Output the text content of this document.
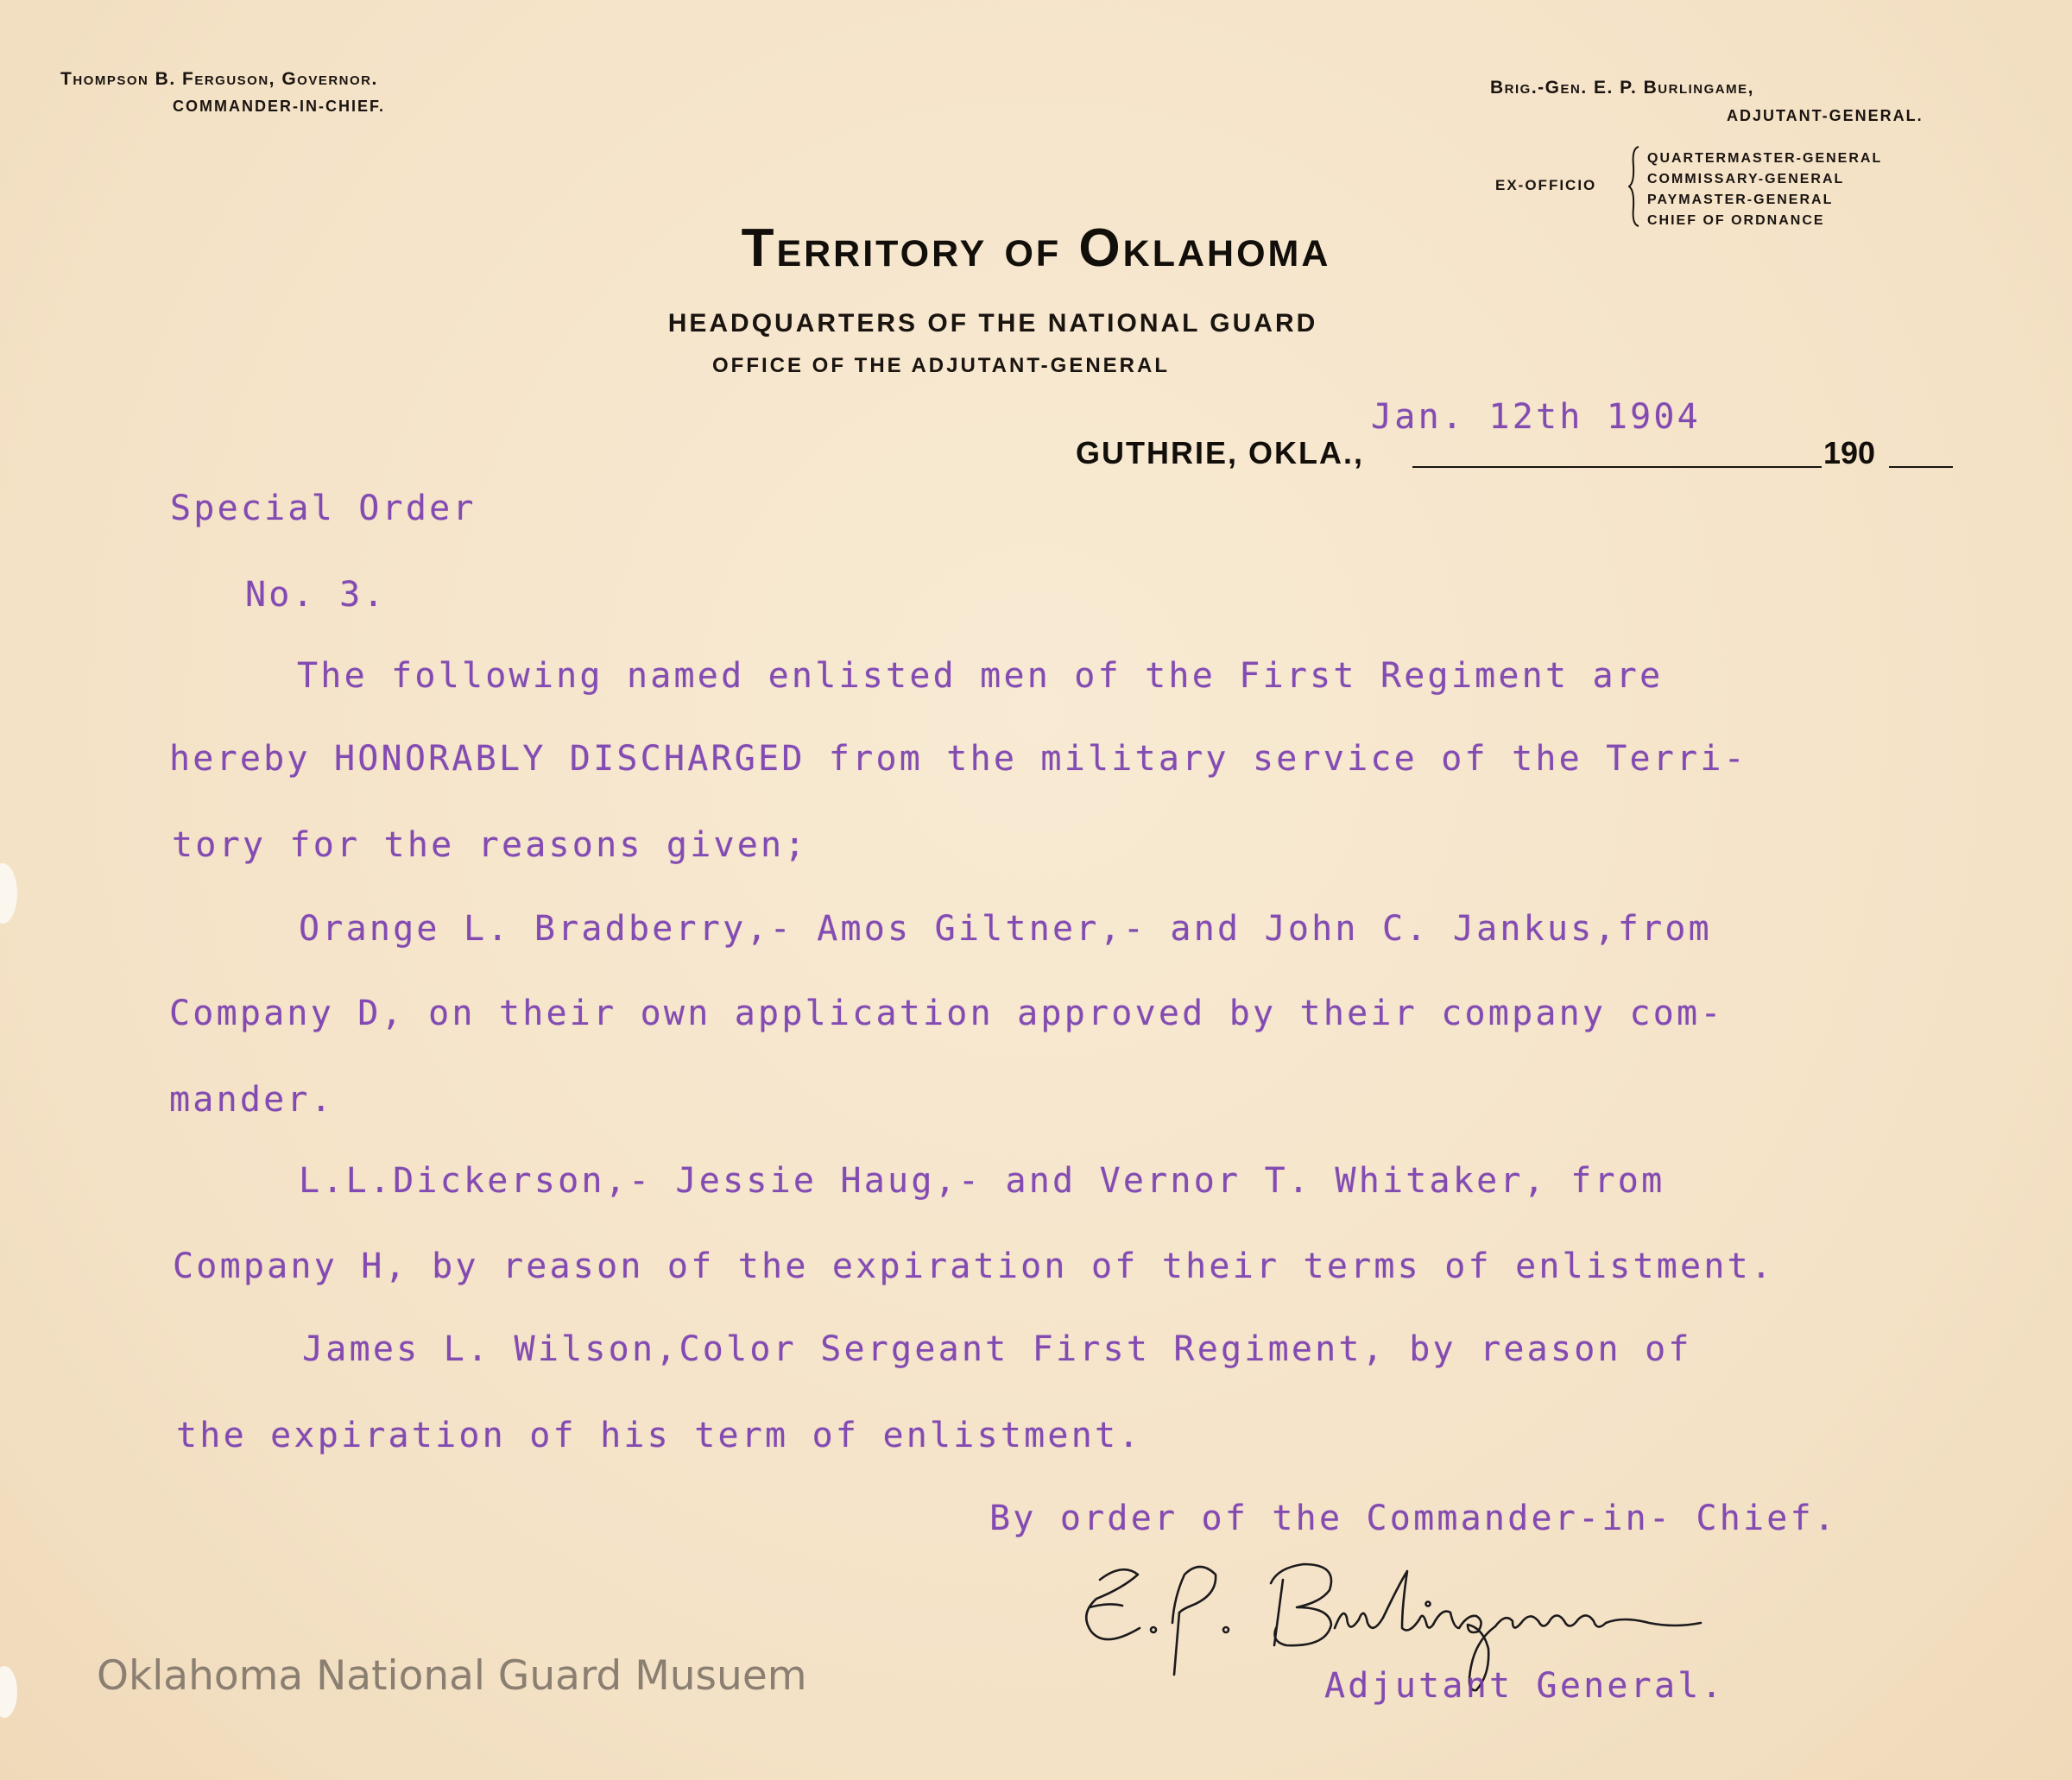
Thompson B. Ferguson, Governor.
COMMANDER-IN-CHIEF.
Brig.-Gen. E. P. Burlingame,
ADJUTANT-GENERAL.
EX-OFFICIO
QUARTERMASTER-GENERAL
COMMISSARY-GENERAL
PAYMASTER-GENERAL
CHIEF OF ORDNANCE
Territory of Oklahoma
HEADQUARTERS OF THE NATIONAL GUARD
OFFICE OF THE ADJUTANT-GENERAL
GUTHRIE, OKLA.,	190
Jan. 12th 1904
Special Order
No. 3.
The following named enlisted men of the First Regiment are
hereby HONORABLY DISCHARGED from the military service of the Terri-
tory for the reasons given;
Orange L. Bradberry,- Amos Giltner,- and John C. Jankus,from
Company D, on their own application approved by their company com-
mander.
L.L.Dickerson,- Jessie Haug,- and Vernor T. Whitaker, from
Company H, by reason of the expiration of their terms of enlistment.
James L. Wilson,Color Sergeant First Regiment, by reason of
the expiration of his term of enlistment.
By order of the Commander-in- Chief.
Adjutant General.
Oklahoma National Guard Musuem
